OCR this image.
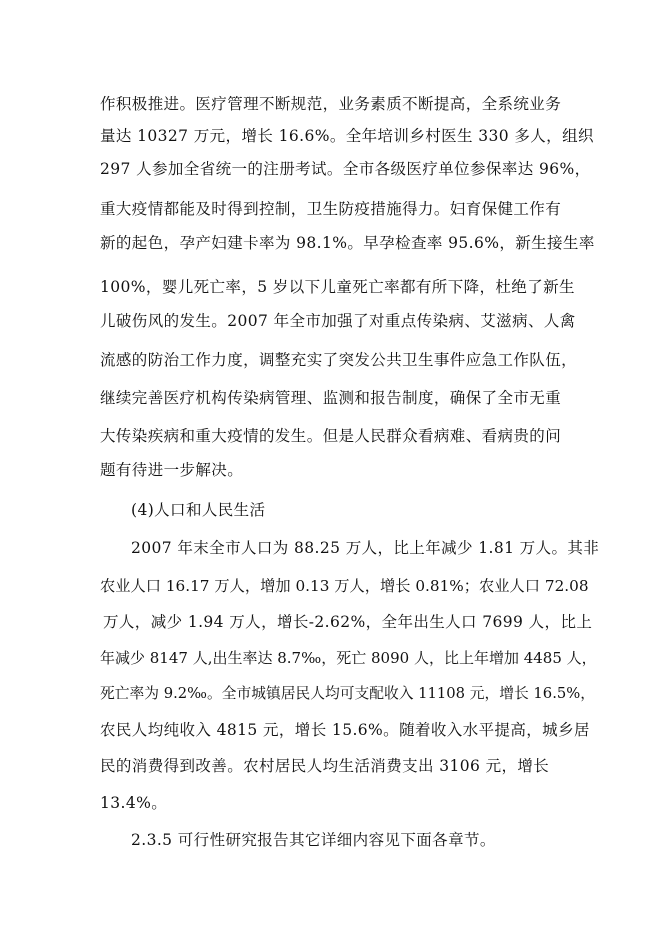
作积极推进。医疗管理不断规范，业务素质不断提高，全系统业务
量达 10327 万元，增长 16.6%。全年培训乡村医生 330 多人，组织
297 人参加全省统一的注册考试。全市各级医疗单位参保率达 96%，
重大疫情都能及时得到控制，卫生防疫措施得力。妇育保健工作有
新的起色，孕产妇建卡率为 98.1%。早孕检查率 95.6%，新生接生率
100%，婴儿死亡率，5 岁以下儿童死亡率都有所下降，杜绝了新生
儿破伤风的发生。2007 年全市加强了对重点传染病、艾滋病、人禽
流感的防治工作力度，调整充实了突发公共卫生事件应急工作队伍，
继续完善医疗机构传染病管理、监测和报告制度，确保了全市无重
大传染疾病和重大疫情的发生。但是人民群众看病难、看病贵的问
题有待进一步解决。
(4)人口和人民生活
2007 年末全市人口为 88.25 万人，比上年减少 1.81 万人。其非
农业人口 16.17 万人，增加 0.13 万人，增长 0.81%；农业人口 72.08
万人，减少 1.94 万人，增长-2.62%，全年出生人口 7699 人，比上
年减少 8147 人,出生率达 8.7‰，死亡 8090 人，比上年增加 4485 人，
死亡率为 9.2‰。全市城镇居民人均可支配收入 11108 元，增长 16.5%，
农民人均纯收入 4815 元，增长 15.6%。随着收入水平提高，城乡居
民的消费得到改善。农村居民人均生活消费支出 3106 元，增长
13.4%。
2.3.5 可行性研究报告其它详细内容见下面各章节。
